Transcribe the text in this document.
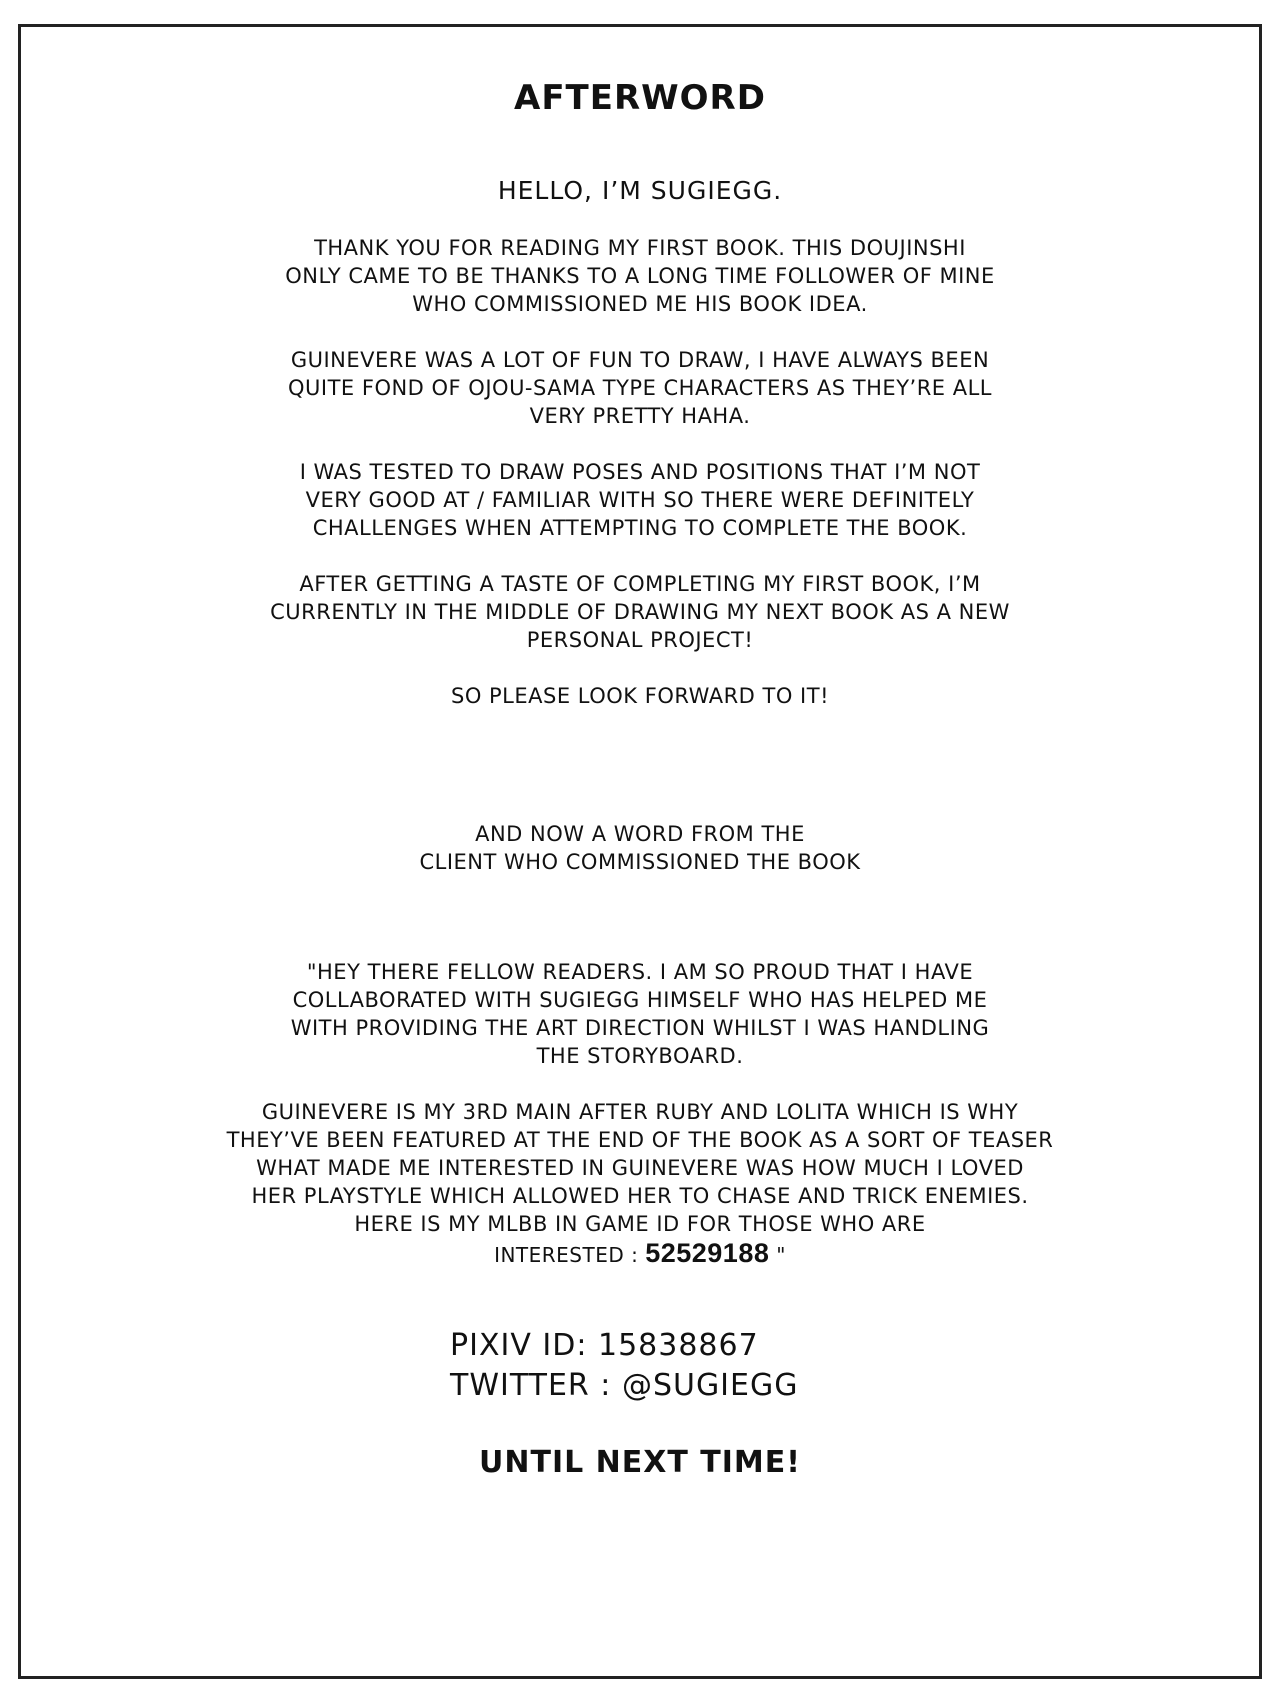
AFTERWORD
HELLO, I’M SUGIEGG.
THANK YOU FOR READING MY FIRST BOOK. THIS DOUJINSHI
ONLY CAME TO BE THANKS TO A LONG TIME FOLLOWER OF MINE
WHO COMMISSIONED ME HIS BOOK IDEA.
GUINEVERE WAS A LOT OF FUN TO DRAW, I HAVE ALWAYS BEEN
QUITE FOND OF OJOU-SAMA TYPE CHARACTERS AS THEY’RE ALL
VERY PRETTY HAHA.
I WAS TESTED TO DRAW POSES AND POSITIONS THAT I’M NOT
VERY GOOD AT / FAMILIAR WITH SO THERE WERE DEFINITELY
CHALLENGES WHEN ATTEMPTING TO COMPLETE THE BOOK.
AFTER GETTING A TASTE OF COMPLETING MY FIRST BOOK, I’M
CURRENTLY IN THE MIDDLE OF DRAWING MY NEXT BOOK AS A NEW
PERSONAL PROJECT!
SO PLEASE LOOK FORWARD TO IT!
AND NOW A WORD FROM THE
CLIENT WHO COMMISSIONED THE BOOK
"HEY THERE FELLOW READERS. I AM SO PROUD THAT I HAVE
COLLABORATED WITH SUGIEGG HIMSELF WHO HAS HELPED ME
WITH PROVIDING THE ART DIRECTION WHILST I WAS HANDLING
THE STORYBOARD.
GUINEVERE IS MY 3RD MAIN AFTER RUBY AND LOLITA WHICH IS WHY
THEY’VE BEEN FEATURED AT THE END OF THE BOOK AS A SORT OF TEASER
WHAT MADE ME INTERESTED IN GUINEVERE WAS HOW MUCH I LOVED
HER PLAYSTYLE WHICH ALLOWED HER TO CHASE AND TRICK ENEMIES.
HERE IS MY MLBB IN GAME ID FOR THOSE WHO ARE
INTERESTED : 52529188 "
PIXIV ID: 15838867
TWITTER : @SUGIEGG
UNTIL NEXT TIME!
